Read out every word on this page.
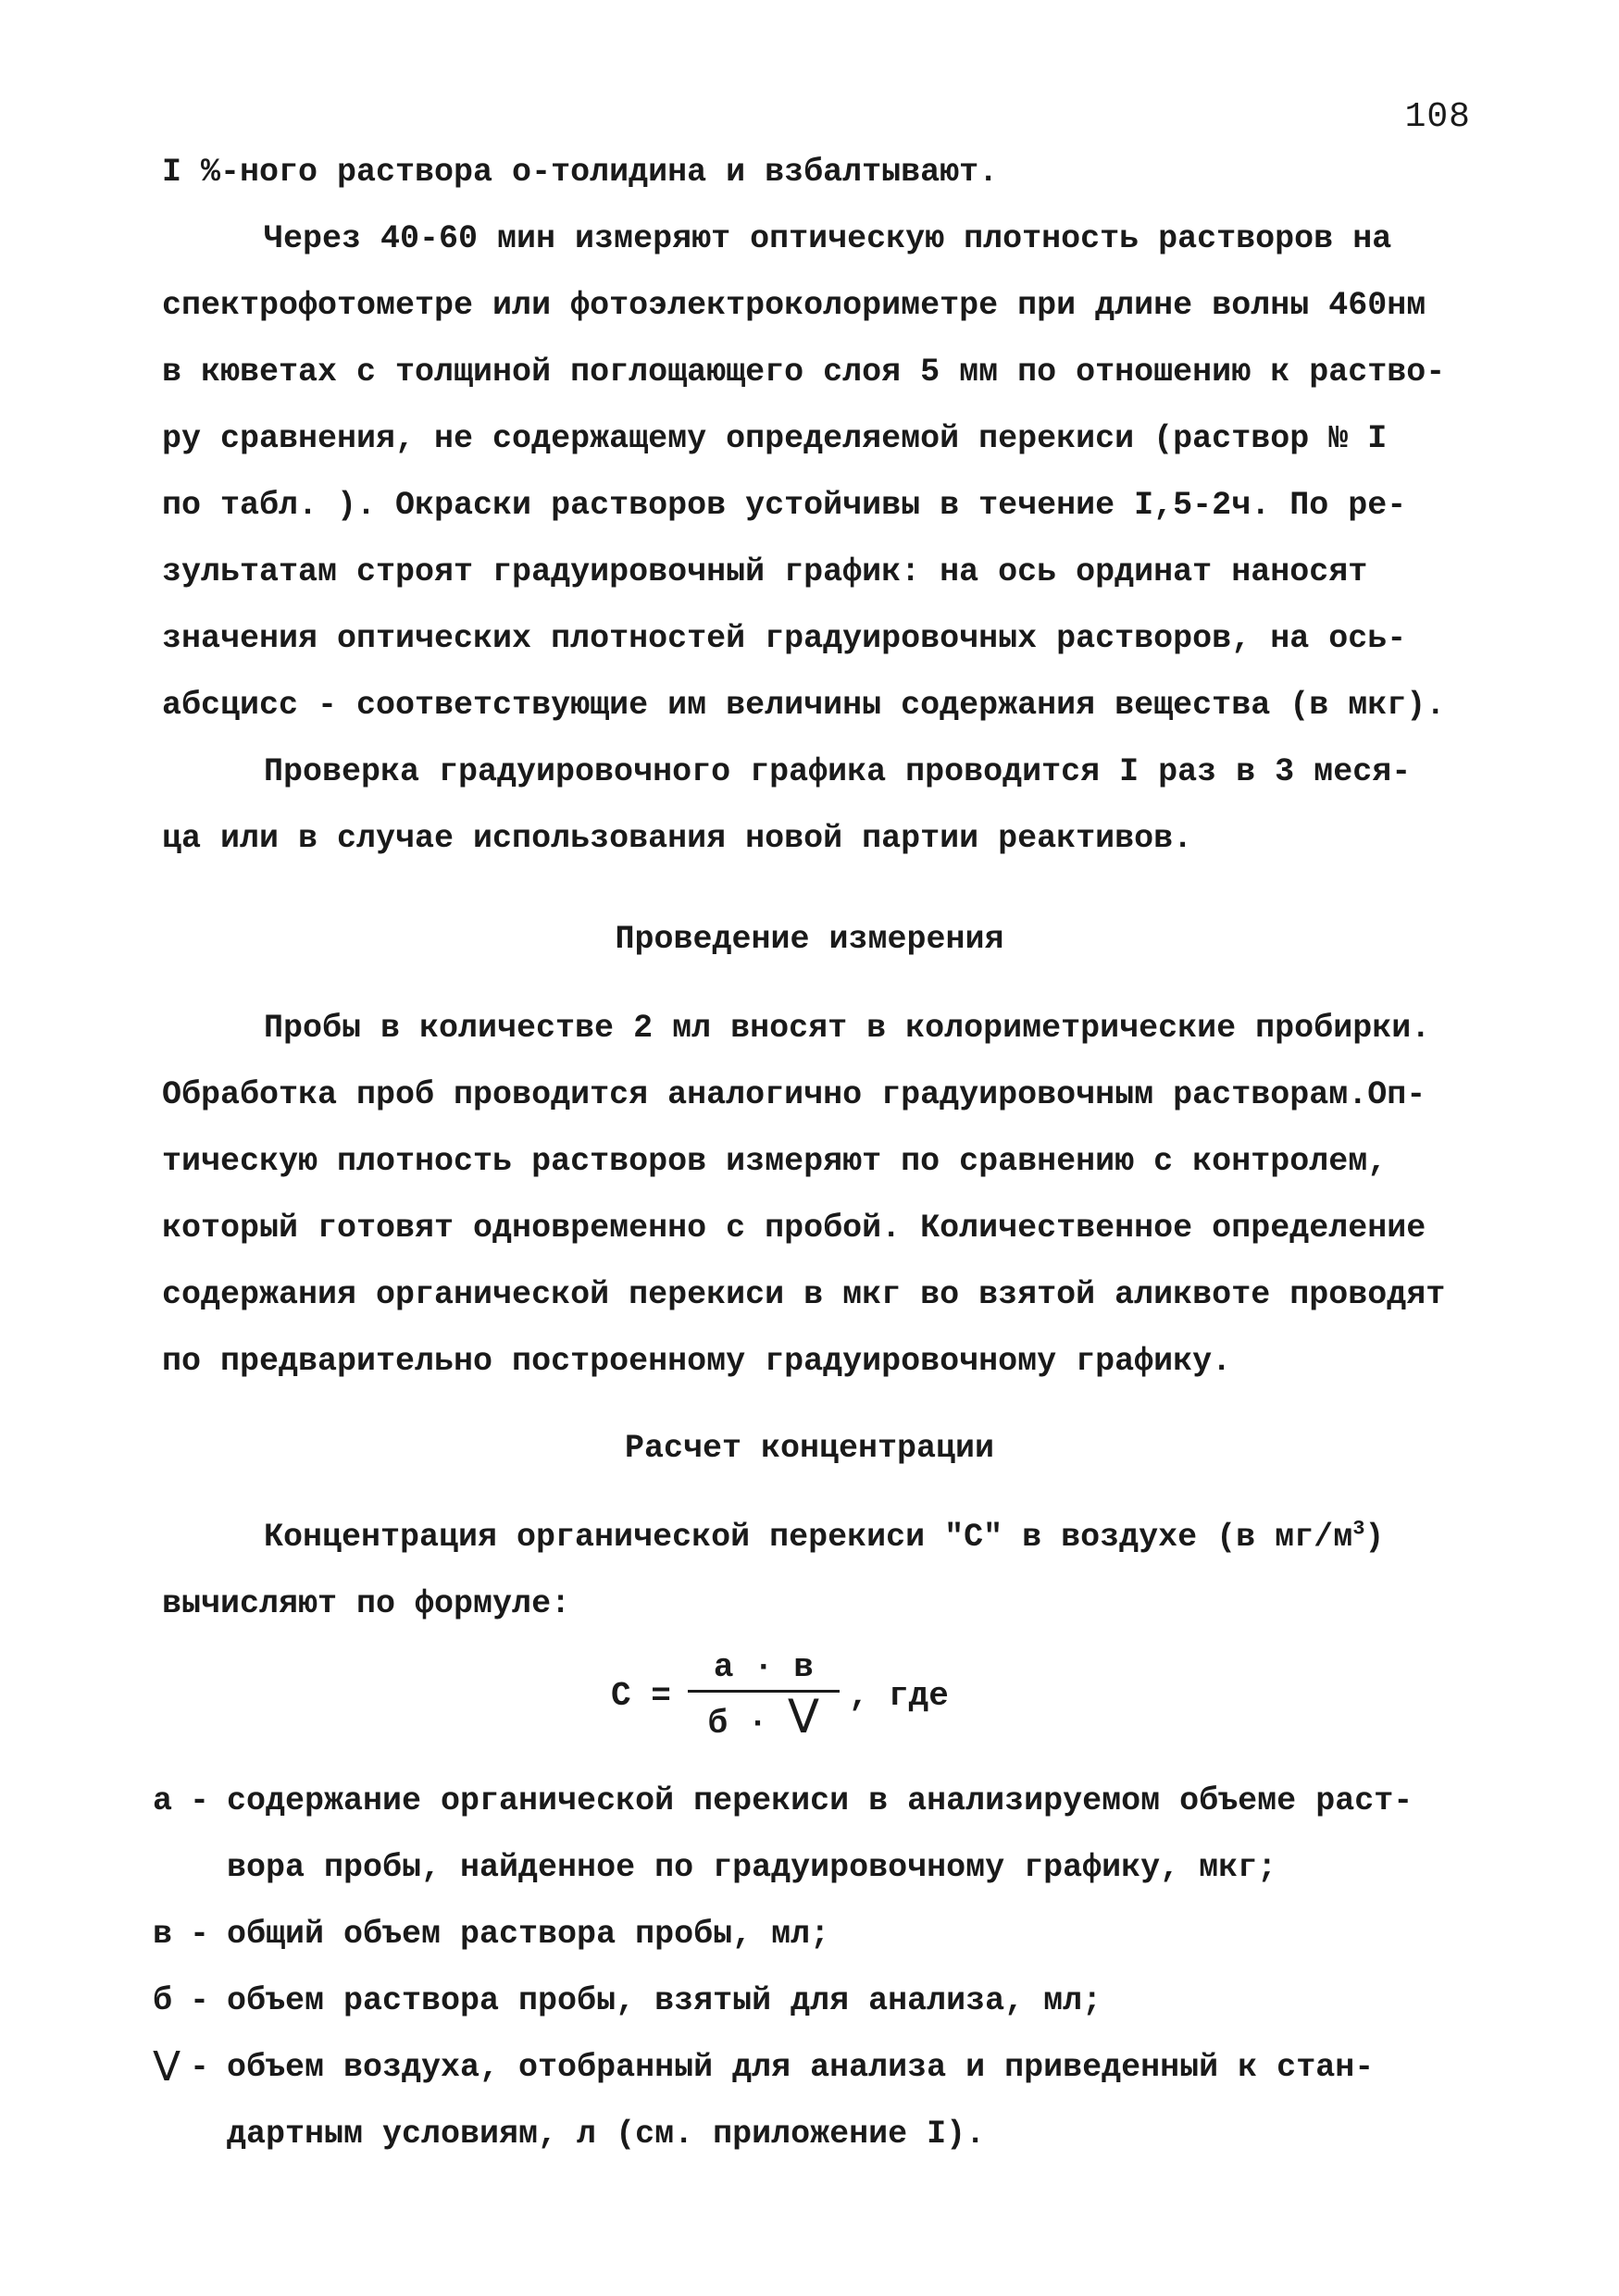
108
I %-ного раствора о-толидина и взбалтывают.
Через 40-60 мин измеряют оптическую плотность растворов на
спектрофотометре или фотоэлектроколориметре при длине волны 460нм
в кюветах с толщиной поглощающего слоя 5 мм по отношению к раство-
ру сравнения, не содержащему определяемой перекиси (раствор № I
по табл. ). Окраски растворов устойчивы в течение I,5-2ч. По ре-
зультатам строят градуировочный график: на ось ординат наносят
значения оптических плотностей градуировочных растворов, на ось-
абсцисс - соответствующие им величины содержания вещества (в мкг).
Проверка градуировочного графика проводится I раз в 3 меся-
ца или в случае использования новой партии реактивов.
Проведение измерения
Пробы в количестве 2 мл вносят в колориметрические пробирки.
Обработка проб проводится аналогично градуировочным растворам.Оп-
тическую плотность растворов измеряют по сравнению с контролем,
который готовят одновременно с пробой. Количественное определение
содержания органической перекиси в мкг во взятой аликвоте проводят
по предварительно построенному градуировочному графику.
Расчет концентрации
Концентрация органической перекиси "С" в воздухе (в $мг/м^3$)
вычисляют по формуле:
$С = \frac{а \cdot в}{б \cdot V}$ , где
а - содержание органической перекиси в анализируемом объеме раст-
вора пробы, найденное по градуировочному графику, мкг;
в - общий объем раствора пробы, мл;
б - объем раствора пробы, взятый для анализа, мл;
V - объем воздуха, отобранный для анализа и приведенный к стан-
дартным условиям, л (см. приложение I).
